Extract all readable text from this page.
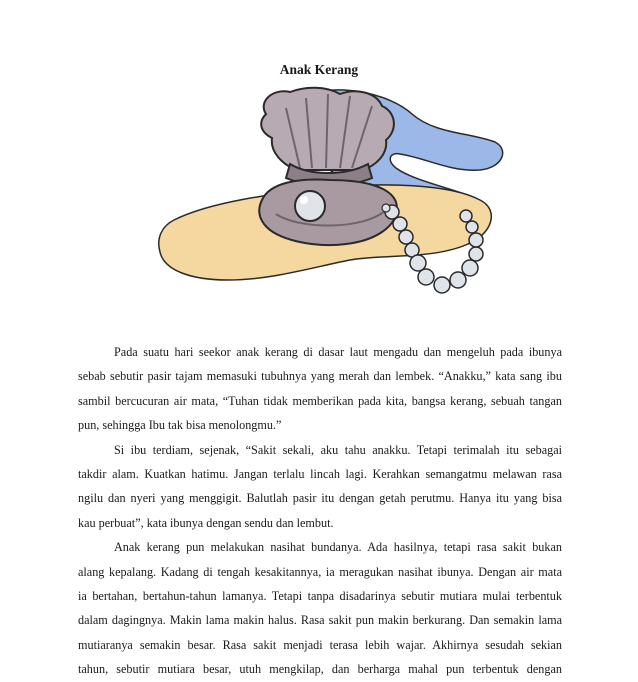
Anak Kerang
Pada suatu hari seekor anak kerang di dasar laut mengadu dan mengeluh pada ibunya
sebab sebutir pasir tajam memasuki tubuhnya yang merah dan lembek. “Anakku,” kata sang ibu
sambil bercucuran air mata, “Tuhan tidak memberikan pada kita, bangsa kerang, sebuah tangan
pun, sehingga Ibu tak bisa menolongmu.”
Si ibu terdiam, sejenak, “Sakit sekali, aku tahu anakku. Tetapi terimalah itu sebagai
takdir alam. Kuatkan hatimu. Jangan terlalu lincah lagi. Kerahkan semangatmu melawan rasa
ngilu dan nyeri yang menggigit. Balutlah pasir itu dengan getah perutmu. Hanya itu yang bisa
kau perbuat”, kata ibunya dengan sendu dan lembut.
Anak kerang pun melakukan nasihat bundanya. Ada hasilnya, tetapi rasa sakit bukan
alang kepalang. Kadang di tengah kesakitannya, ia meragukan nasihat ibunya. Dengan air mata
ia bertahan, bertahun-tahun lamanya. Tetapi tanpa disadarinya sebutir mutiara mulai terbentuk
dalam dagingnya. Makin lama makin halus. Rasa sakit pun makin berkurang. Dan semakin lama
mutiaranya semakin besar. Rasa sakit menjadi terasa lebih wajar. Akhirnya sesudah sekian
tahun, sebutir mutiara besar, utuh mengkilap, dan berharga mahal pun terbentuk dengan
